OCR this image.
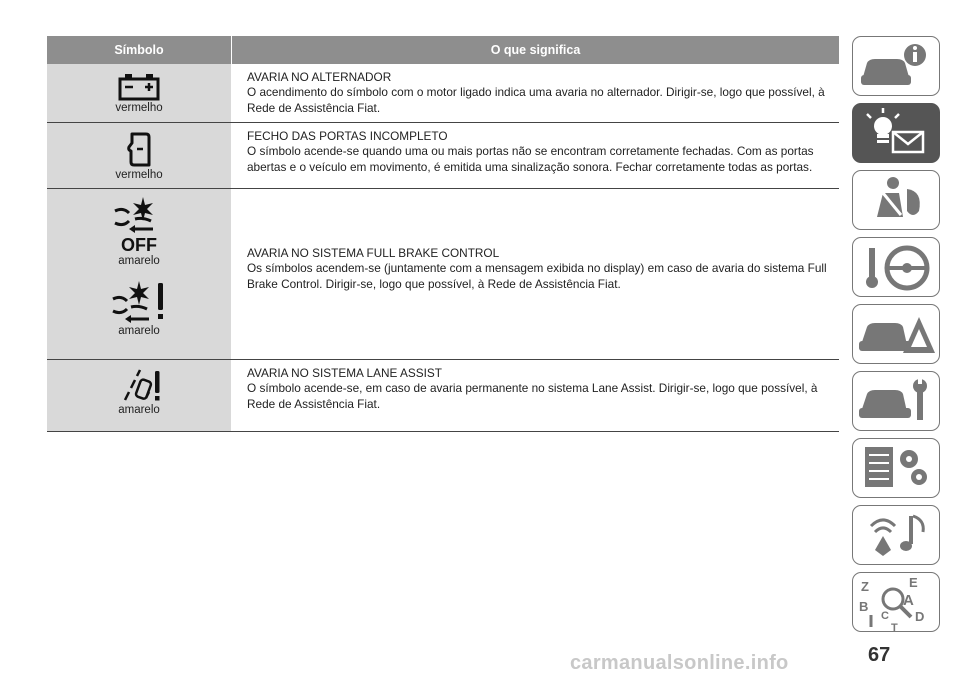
Símbolo	O que significa
vermelho
AVARIA NO ALTERNADOR
O acendimento do símbolo com o motor ligado indica uma avaria no alternador. Dirigir-se, logo que possível, à Rede de Assistência Fiat.
vermelho
FECHO DAS PORTAS INCOMPLETO
O símbolo acende-se quando uma ou mais portas não se encontram corretamente fechadas. Com as portas abertas e o veículo em movimento, é emitida uma sinalização sonora. Fechar corretamente todas as portas.
OFF
amarelo
amarelo
AVARIA NO SISTEMA FULL BRAKE CONTROL
Os símbolos acendem-se (juntamente com a mensagem exibida no display) em caso de avaria do sistema Full Brake Control. Dirigir-se, logo que possível, à Rede de Assistência Fiat.
amarelo
AVARIA NO SISTEMA LANE ASSIST
O símbolo acende-se, em caso de avaria permanente no sistema Lane Assist. Dirigir-se, logo que possível, à Rede de Assistência Fiat.
Z	E
B A
C D
T
67
carmanualsonline.info
